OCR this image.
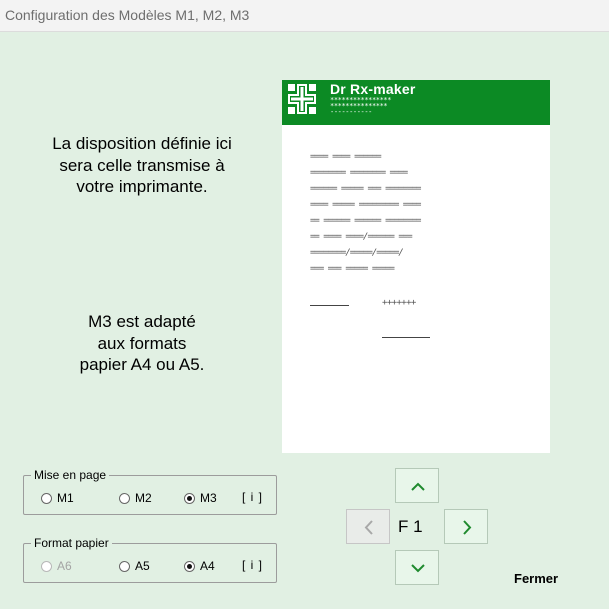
Configuration des Modèles M1, M2, M3
La disposition définie ici
sera celle transmise à
votre imprimante.
M3 est adapté
aux formats
papier A4 ou A5.
Dr Rx-maker
****************
***************
-----------
==== ==== ======
======== ======== ====
====== ===== === ========
==== ===== ========= ====
== ====== ====== ========
== ==== ====/====== ===
========/=====/=====/
=== === ===== =====
+++++++
Mise en page
M1	M2	M3 [ i ]
Format papier
A6	A5	A4 [ i ]
F 1
Fermer
